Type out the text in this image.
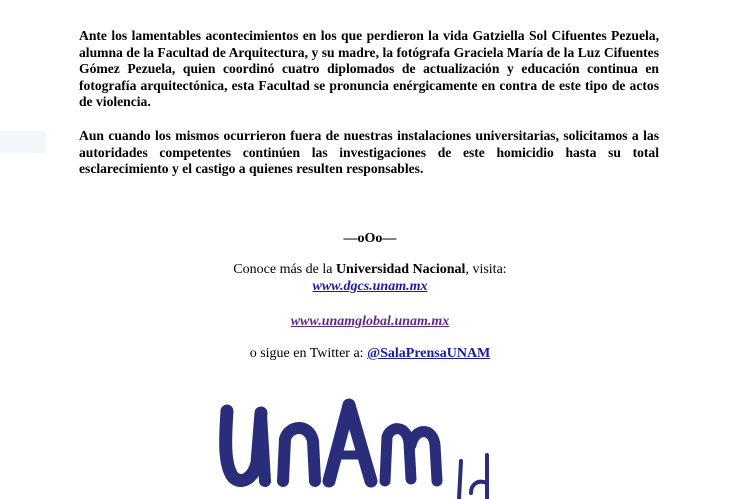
Ante los lamentables acontecimientos en los que perdieron la vida Gatziella Sol Cifuentes Pezuela, alumna de la Facultad de Arquitectura, y su madre, la fotógrafa Graciela María de la Luz Cifuentes Gómez Pezuela, quien coordinó cuatro diplomados de actualización y educación continua en fotografía arquitectónica, esta Facultad se pronuncia enérgicamente en contra de este tipo de actos de violencia.

Aun cuando los mismos ocurrieron fuera de nuestras instalaciones universitarias, solicitamos a las autoridades competentes continúen las investigaciones de este homicidio hasta su total esclarecimiento y el castigo a quienes resulten responsables.

—oOo—
Conoce más de la Universidad Nacional, visita:
www.dgcs.unam.mx
www.unamglobal.unam.mx
o sigue en Twitter a: @SalaPrensaUNAM
